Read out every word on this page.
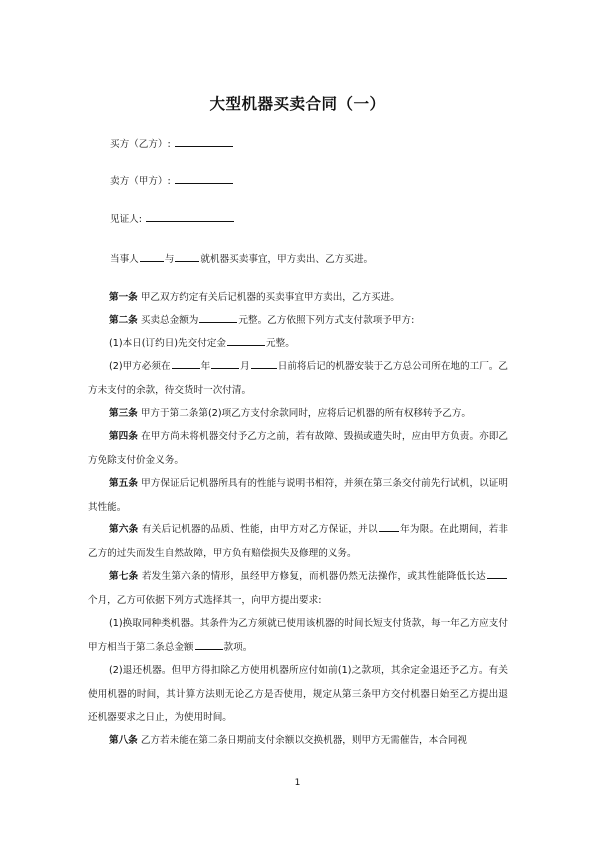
大型机器买卖合同（一）
买方（乙方）:
卖方（甲方）:
见证人:
当事人	与	就机器买卖事宜，甲方卖出、乙方买进。
第一条 甲乙双方约定有关后记机器的买卖事宜甲方卖出，乙方买进。
第二条 买卖总金额为	元整。乙方依照下列方式支付款项予甲方:
(1)本日(订约日)先交付定金	元整。
(2)甲方必须在	年	月	日前将后记的机器安装于乙方总公司所在地的工厂。乙方未支付的余款，待交货时一次付清。
第三条 甲方于第二条第(2)项乙方支付余款同时，应将后记机器的所有权移转予乙方。
第四条 在甲方尚未将机器交付予乙方之前，若有故障、毁损或遗失时，应由甲方负责。亦即乙方免除支付价金义务。
第五条 甲方保证后记机器所具有的性能与说明书相符，并须在第三条交付前先行试机，以证明其性能。
第六条 有关后记机器的品质、性能，由甲方对乙方保证，并以 年为限。在此期间，若非乙方的过失而发生自然故障，甲方负有赔偿损失及修理的义务。
第七条 若发生第六条的情形，虽经甲方修复，而机器仍然无法操作，或其性能降低长达个月，乙方可依据下列方式选择其一，向甲方提出要求:
(1)换取同种类机器。其条件为乙方须就已使用该机器的时间长短支付货款，每一年乙方应支付甲方相当于第二条总金额	款项。
(2)退还机器。但甲方得扣除乙方使用机器所应付如前(1)之款项，其余定金退还予乙方。有关使用机器的时间，其计算方法则无论乙方是否使用，规定从第三条甲方交付机器日始至乙方提出退还机器要求之日止，为使用时间。
第八条 乙方若未能在第二条日期前支付余额以交换机器，则甲方无需催告，本合同视
1
